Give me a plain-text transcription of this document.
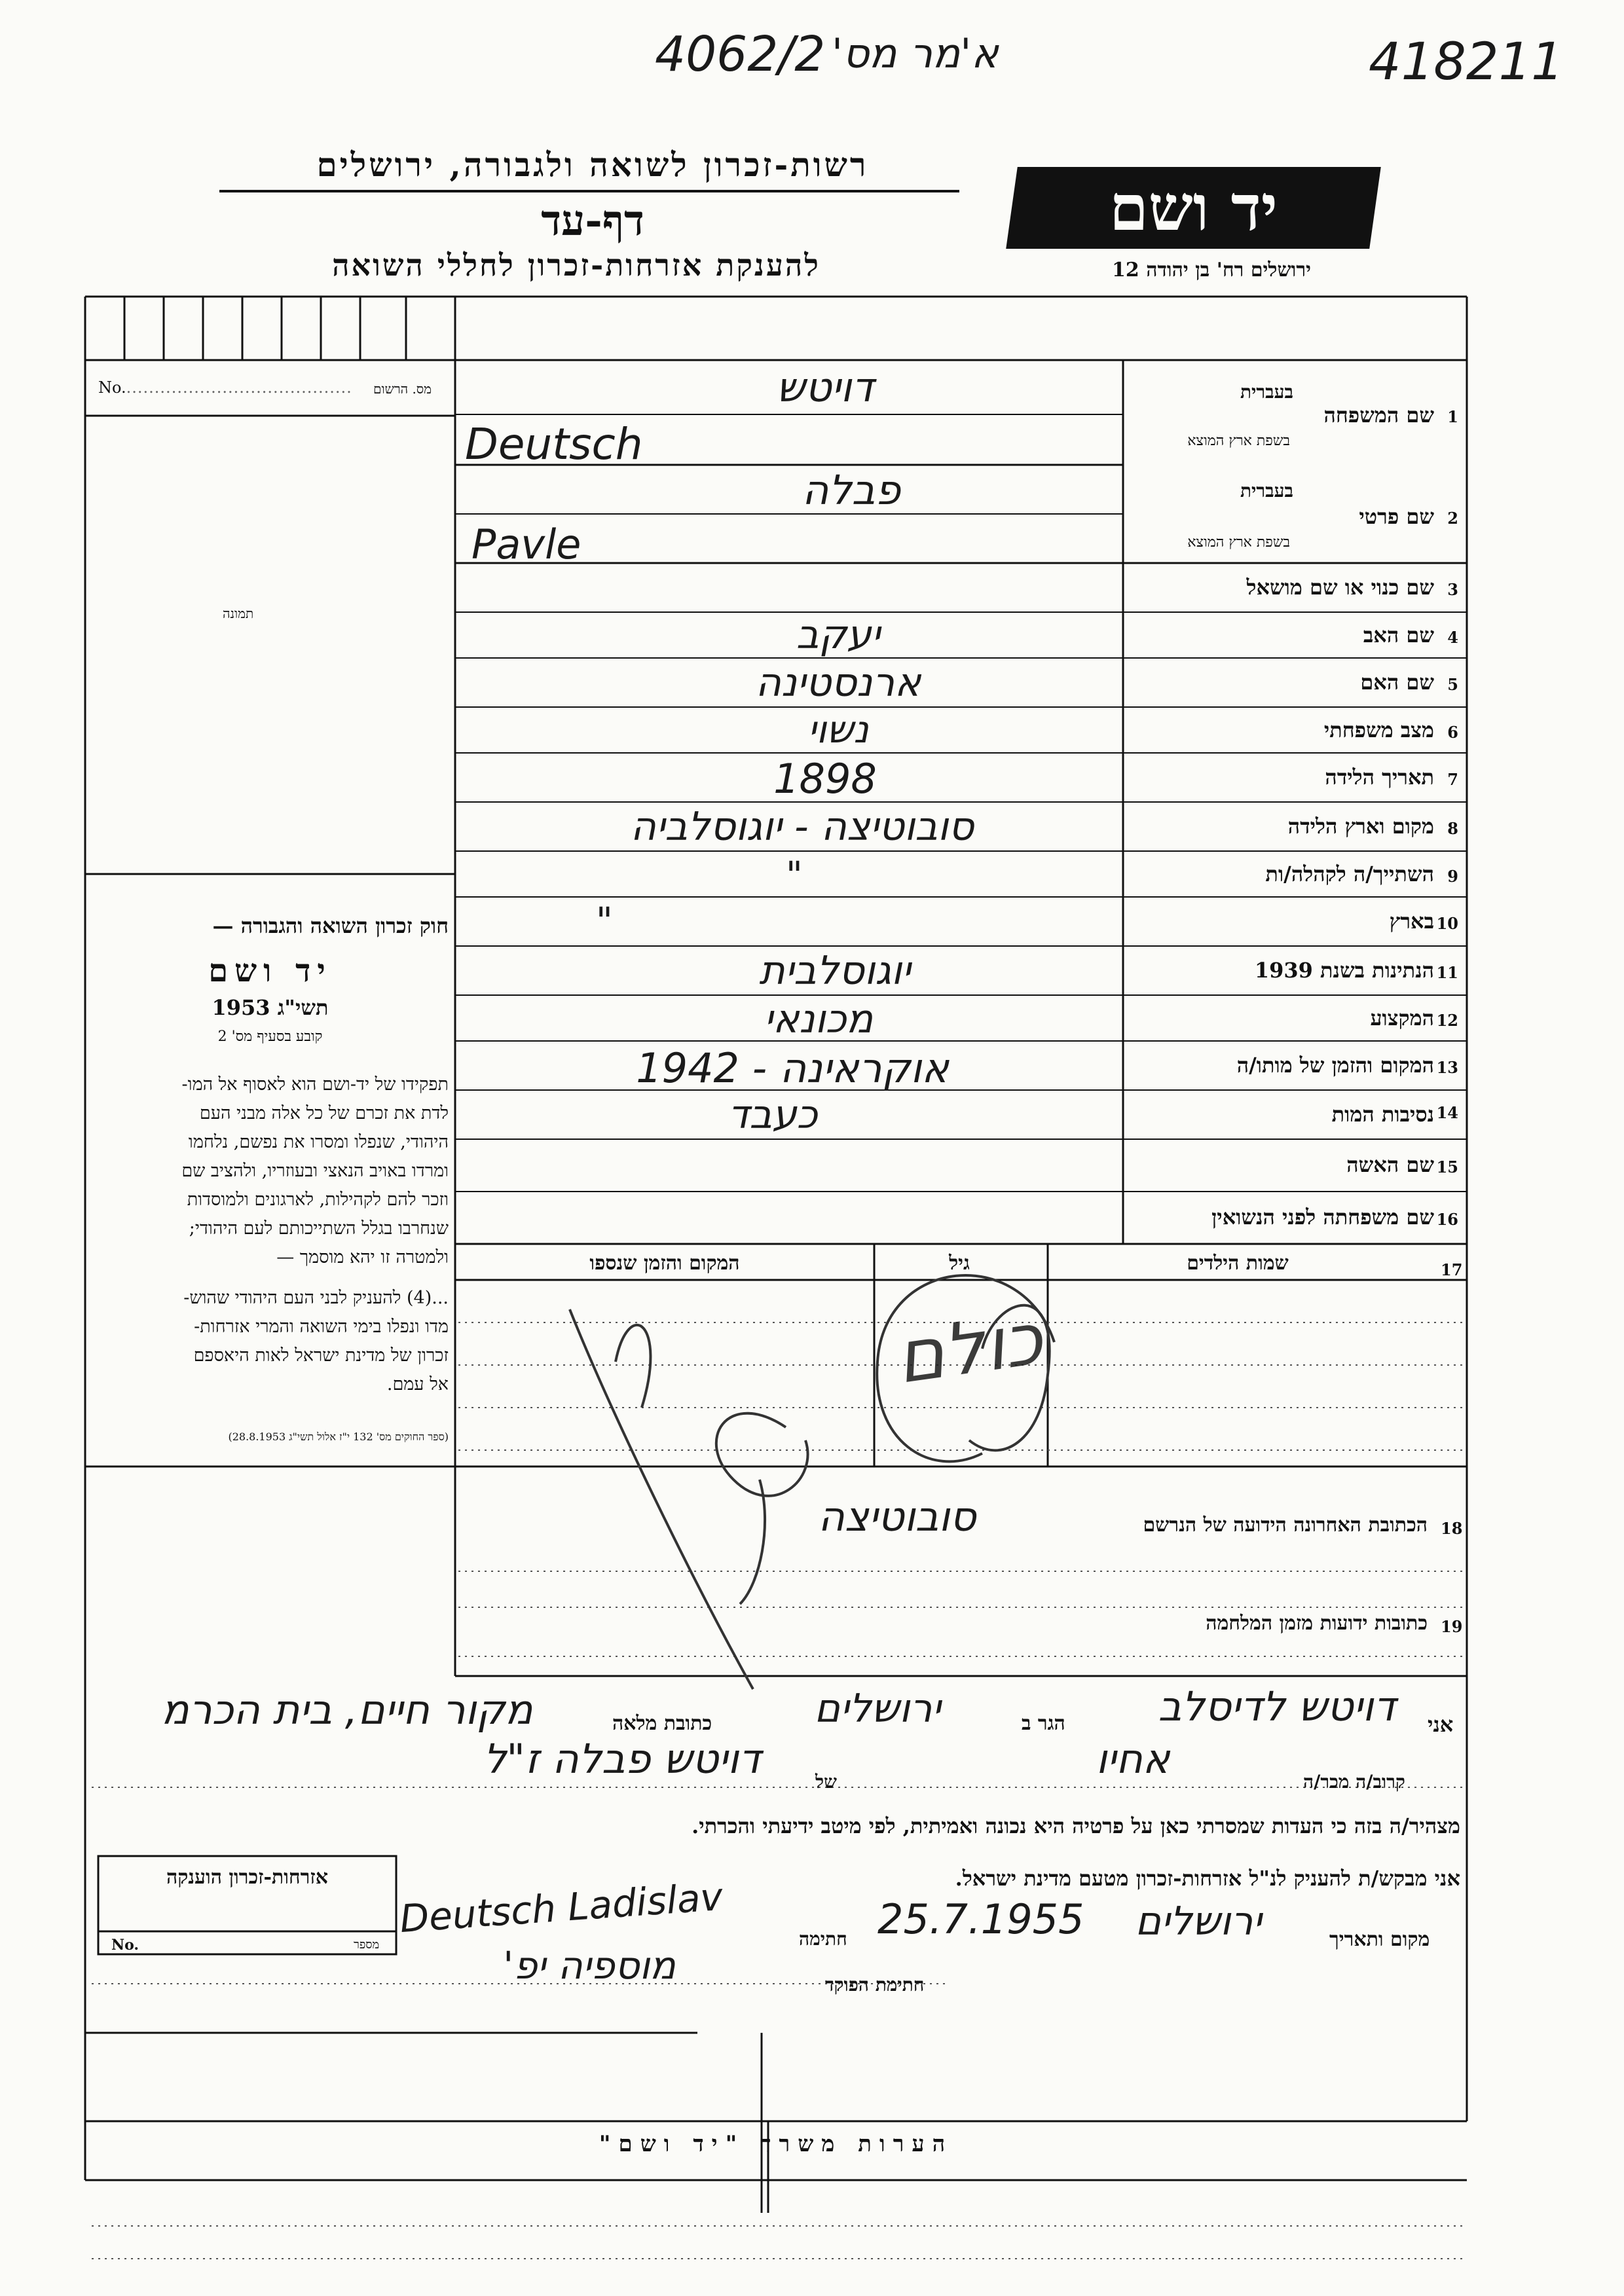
4062/2 א'מר מס'	418211
רשות-זכרון לשואה ולגבורה, ירושלים
דף-עד
להענקת אזרחות-זכרון לחללי השואה
יד ושם
ירושלים רח' בן יהודה 12
No......................................... מס. הרשום
תמונה
חוק זכרון השואה והגבורה —
יד ושם
תשי"ג 1953
קובע בסעיף מס' 2
תפקידו של יד-ושם הוא לאסוף אל המו-
לדת את זכרם של כל אלה מבני העם
היהודי, שנפלו ומסרו את נפשם, נלחמו
ומרדו באויב הנאצי ובעוזריו, ולהציב שם
וזכר להם לקהילות, לארגונים ולמוסדות
שנחרבו בגלל השתייכותם לעם היהודי;
ולמטרה זו יהא מוסמך —
...(4) להעניק לבני העם היהודי שהוש-
מדו ונפלו בימי השואה והמרי אזרחות-
זכרון של מדינת ישראל לאות היאספם
אל עמם.
(ספר החוקים מס' 132 י"ז אלול תשי"ג 28.8.1953)
1
שם המשפחה
בעברית
בשפת ארץ המוצא
2
שם פרטי
בעברית
בשפת ארץ המוצא
3
שם כנוי או שם מושאל
4
שם האב
5
שם האם
6
מצב משפחתי
7
תאריך הלידה
8
מקום וארץ הלידה
9
השתייך/ה לקהלה/ות
10
בארץ
11
הנתינות בשנת 1939
12
המקצוע
13
המקום והזמן של מותו/ה
14
נסיבות המות
15
שם האשה
16
שם משפחתה לפני הנשואין
דויטש
Deutsch
פבלה
Pavle
יעקב
ארנסטינה
נשוי
1898
סובוטיצה - יוגוסלביה
"
"
יוגוסלבית
מכונאי
אוקראינה - 1942
כעבד
17
שמות הילדים
גיל
המקום והזמן שנספו
כולם
18
הכתובת האחרונה הידועה של הנרשם
סובוטיצה
19
כתובות ידועות מזמן המלחמה
אני
דויטש לדיסלב
הגר ב
ירושלים
כתובת מלאה
מקור חיים, בית הכרמ
קרוב/ה מכר/ה
אחיו
של
דויטש פבלה ז"ל
מצהיר/ה בזה כי העדות שמסרתי כאן על פרטיה היא נכונה ואמיתית, לפי מיטב ידיעתי והכרתי.
אני מבקש/ת להעניק לנ"ל אזרחות-זכרון מטעם מדינת ישראל.
מקום ותאריך
ירושלים
25.7.1955
חתימה
Deutsch Ladislav
חתימת הפוקד
מוספיה יפ'
אזרחות-זכרון הוענקה
No.	מספר
הערות משרד "יד ושם"
